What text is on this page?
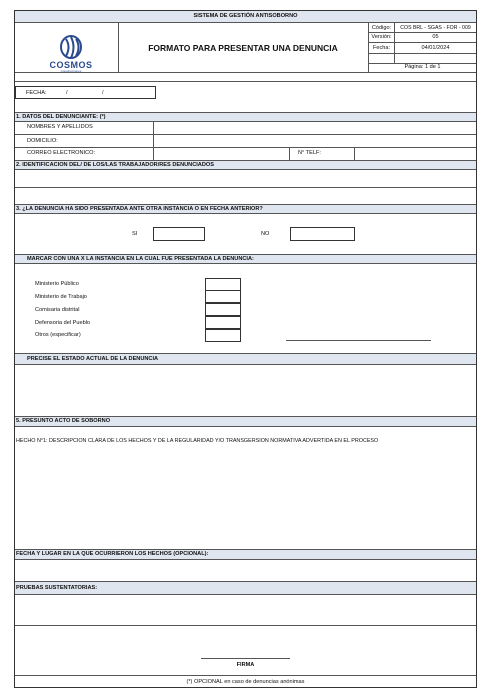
SISTEMA DE GESTIÓN ANTISOBORNO
COSMOS
Construcciones
FORMATO PARA PRESENTAR UNA DENUNCIA
Código:	COS BRL - SGAS - FOR - 009
Versión:	05
Fecha:	04/01/2024
Página: 1 de 1
FECHA:	/	/
1. DATOS DEL DENUNCIANTE: (*)
NOMBRES Y APELLIDOS
DOMICILIO:
CORREO ELECTRONICO:	N° TELF:
2. IDENTIFICACION DEL/ DE LOS/LAS TRABAJADOR/RES DENUNCIADOS
3. ¿LA DENUNCIA HA SIDO PRESENTADA ANTE OTRA INSTANCIA O EN FECHA ANTERIOR?
SI	NO
MARCAR CON UNA X LA INSTANCIA EN LA CUAL FUE PRESENTADA LA DENUNCIA:
Ministerio Público
Ministerio de Trabajo
Comisaria distrital
Defensoria del Pueblo
Otros (especificar)
PRECISE EL ESTADO ACTUAL DE LA DENUNCIA
5. PRESUNTO ACTO DE SOBORNO
HECHO N°1: DESCRIPCION CLARA DE LOS HECHOS Y DE LA REGULARIDAD Y/O TRANSGERSION NORMATIVA ADVERTIDA EN EL PROCESO
FECHA Y LUGAR EN LA QUE OCURRIERON LOS HECHOS (OPCIONAL):
PRUEBAS SUSTENTATORIAS:
FIRMA
(*) OPCIONAL en caso de denuncias anónimas
